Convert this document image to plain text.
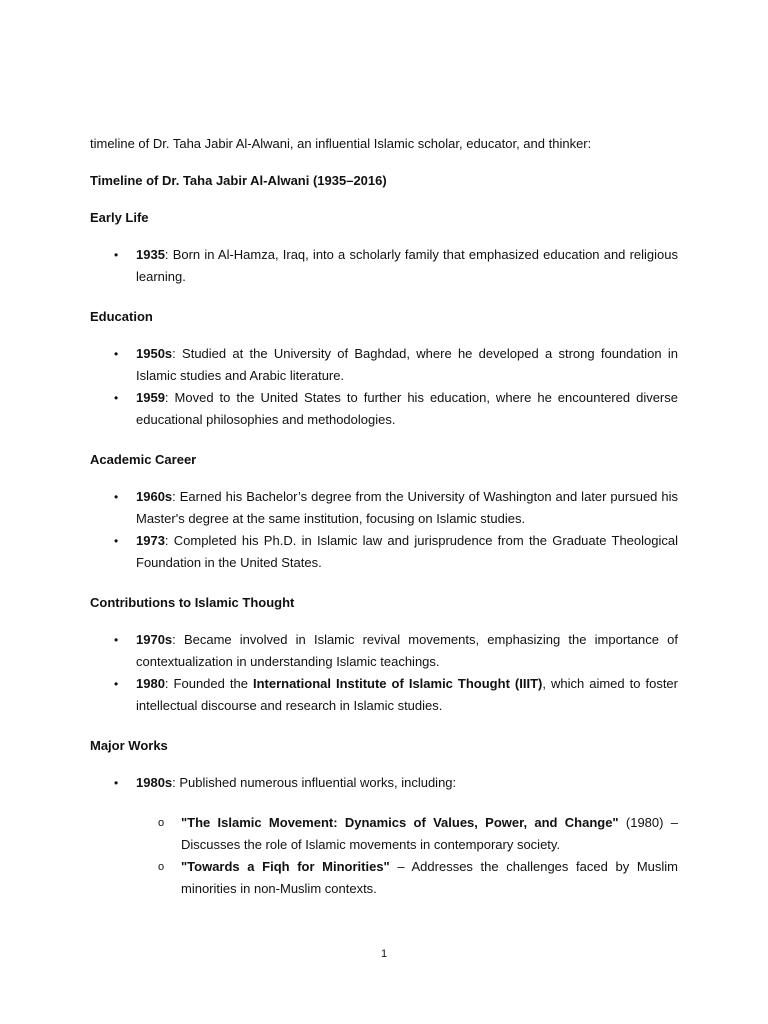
timeline of Dr. Taha Jabir Al-Alwani, an influential Islamic scholar, educator, and thinker:

Timeline of Dr. Taha Jabir Al-Alwani (1935–2016)

Early Life

• 1935: Born in Al-Hamza, Iraq, into a scholarly family that emphasized education and religious learning.

Education

• 1950s: Studied at the University of Baghdad, where he developed a strong foundation in Islamic studies and Arabic literature.
• 1959: Moved to the United States to further his education, where he encountered diverse educational philosophies and methodologies.

Academic Career

• 1960s: Earned his Bachelor’s degree from the University of Washington and later pursued his Master's degree at the same institution, focusing on Islamic studies.
• 1973: Completed his Ph.D. in Islamic law and jurisprudence from the Graduate Theological Foundation in the United States.

Contributions to Islamic Thought

• 1970s: Became involved in Islamic revival movements, emphasizing the importance of contextualization in understanding Islamic teachings.
• 1980: Founded the International Institute of Islamic Thought (IIIT), which aimed to foster intellectual discourse and research in Islamic studies.

Major Works

• 1980s: Published numerous influential works, including:
o "The Islamic Movement: Dynamics of Values, Power, and Change" (1980) – Discusses the role of Islamic movements in contemporary society.
o "Towards a Fiqh for Minorities" – Addresses the challenges faced by Muslim minorities in non-Muslim contexts.
1
